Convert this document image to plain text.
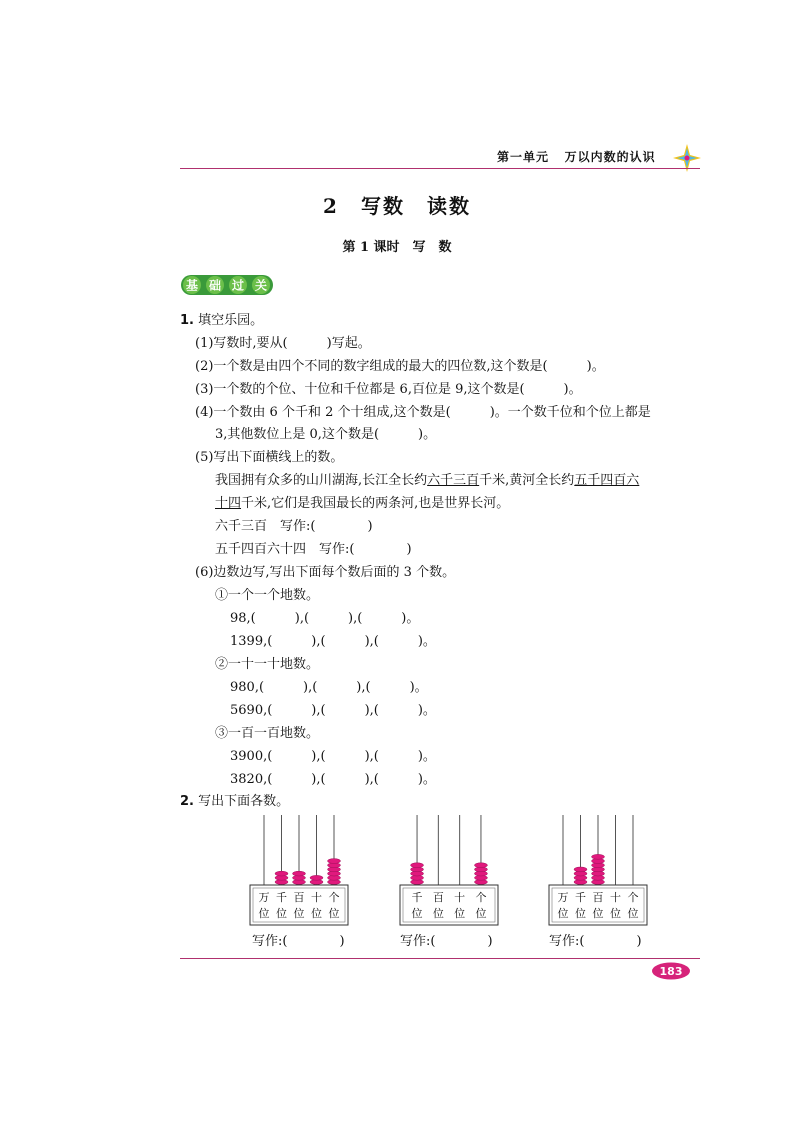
第一单元 万以内数的认识
2　写数　读数
第 1 课时　写　数
基 础 过 关
1. 填空乐园。
(1)写数时,要从(　　　)写起。
(2)一个数是由四个不同的数字组成的最大的四位数,这个数是(　　　)。
(3)一个数的个位、十位和千位都是 6,百位是 9,这个数是(　　　)。
(4)一个数由 6 个千和 2 个十组成,这个数是(　　　)。一个数千位和个位上都是
3,其他数位上是 0,这个数是(　　　)。
(5)写出下面横线上的数。
我国拥有众多的山川湖海,长江全长约六千三百千米,黄河全长约五千四百六
十四千米,它们是我国最长的两条河,也是世界长河。
六千三百　写作:(　　　　)
五千四百六十四　写作:(　　　　)
(6)边数边写,写出下面每个数后面的 3 个数。
①一个一个地数。
98,(　　　),(　　　),(　　　)。
1399,(　　　),(　　　),(　　　)。
②一十一十地数。
980,(　　　),(　　　),(　　　)。
5690,(　　　),(　　　),(　　　)。
③一百一百地数。
3900,(　　　),(　　　),(　　　)。
3820,(　　　),(　　　),(　　　)。
2. 写出下面各数。
万
位
千
位
百
位
十
位
个
位
千
位
百
位
十
位
个
位
万
位
千
位
百
位
十
位
个
位
写作:(　　　　)	写作:(　　　　)	写作:(　　　　)
183
